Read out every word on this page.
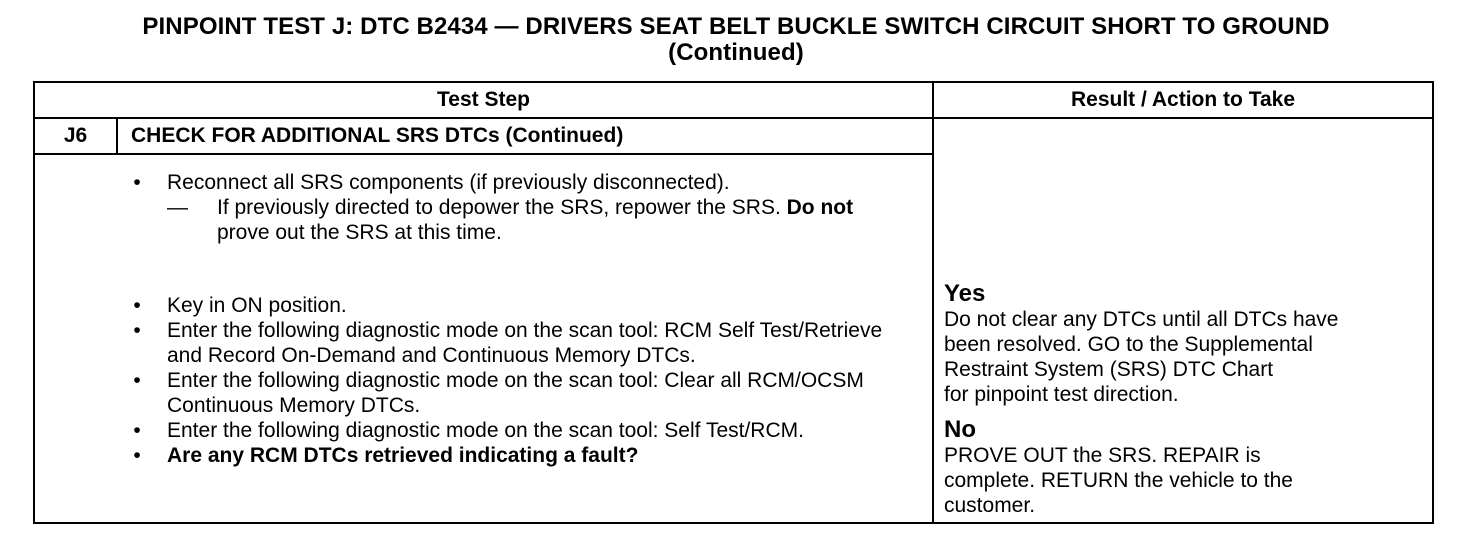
PINPOINT TEST J: DTC B2434 — DRIVERS SEAT BELT BUCKLE SWITCH CIRCUIT SHORT TO GROUND
(Continued)
Test Step	Result / Action to Take
J6	CHECK FOR ADDITIONAL SRS DTCs (Continued)
• Reconnect all SRS components (if previously disconnected).
— If previously directed to depower the SRS, repower the SRS. Do not prove out the SRS at this time.
• Key in ON position.
• Enter the following diagnostic mode on the scan tool: RCM Self Test/Retrieve and Record On-Demand and Continuous Memory DTCs.
• Enter the following diagnostic mode on the scan tool: Clear all RCM/OCSM Continuous Memory DTCs.
• Enter the following diagnostic mode on the scan tool: Self Test/RCM.
• Are any RCM DTCs retrieved indicating a fault?
Yes
Do not clear any DTCs until all DTCs have
been resolved. GO to the Supplemental
Restraint System (SRS) DTC Chart
for pinpoint test direction.
No
PROVE OUT the SRS. REPAIR is
complete. RETURN the vehicle to the
customer.
